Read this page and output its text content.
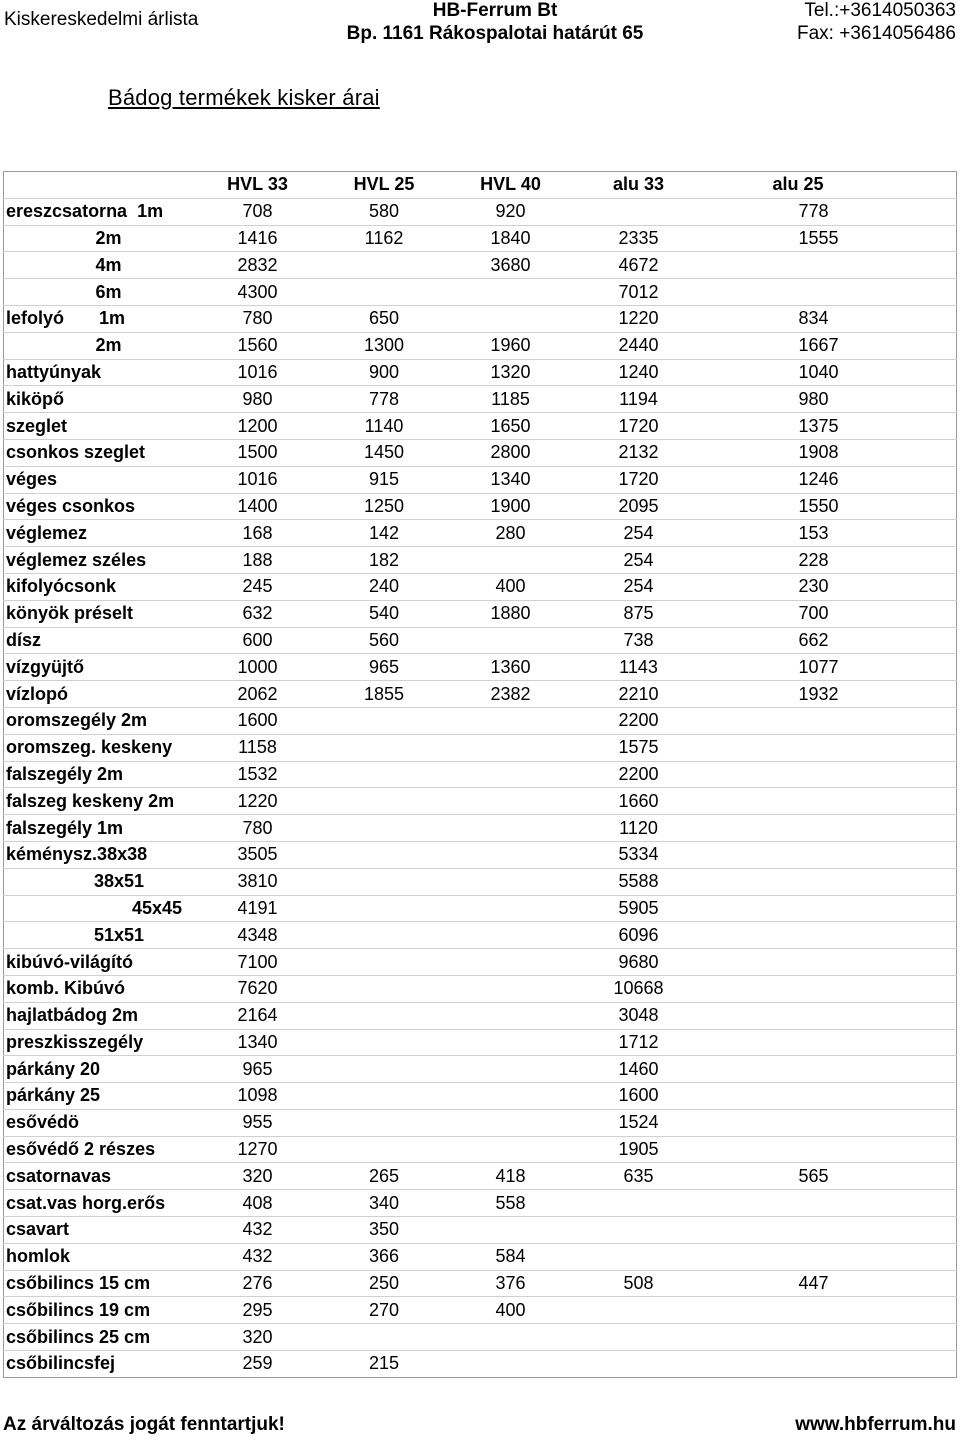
Kiskereskedelmi árlista	HB-Ferrum Bt
Bp. 1161 Rákospalotai határút 65
Tel.:+3614050363
Fax: +3614056486
Bádog termékek kisker árai
	HVL 33	HVL 25	HVL 40	alu 33	alu 25
ereszcsatorna  1m	708	580	920		778
2m	1416	1162	1840	2335	1555
4m	2832		3680	4672	
6m	4300			7012	
lefolyó       1m	780	650		1220	834
2m	1560	1300	1960	2440	1667
hattyúnyak	1016	900	1320	1240	1040
kiköpő	980	778	1185	1194	980
szeglet	1200	1140	1650	1720	1375
csonkos szeglet	1500	1450	2800	2132	1908
véges	1016	915	1340	1720	1246
véges csonkos	1400	1250	1900	2095	1550
véglemez	168	142	280	254	153
véglemez széles	188	182		254	228
kifolyócsonk	245	240	400	254	230
könyök préselt	632	540	1880	875	700
dísz	600	560		738	662
vízgyüjtő	1000	965	1360	1143	1077
vízlopó	2062	1855	2382	2210	1932
oromszegély 2m	1600			2200	
oromszeg. keskeny	1158			1575	
falszegély 2m	1532			2200	
falszeg keskeny 2m	1220			1660	
falszegély 1m	780			1120	
kéménysz.38x38	3505			5334	
38x51	3810			5588	
45x45	4191			5905	
51x51	4348			6096	
kibúvó-világító	7100			9680	
komb. Kibúvó	7620			10668	
hajlatbádog 2m	2164			3048	
preszkisszegély	1340			1712	
párkány 20	965			1460	
párkány 25	1098			1600	
esővédö	955			1524	
esővédő 2 részes	1270			1905	
csatornavas	320	265	418	635	565
csat.vas horg.erős	408	340	558		
csavart	432	350			
homlok	432	366	584		
csőbilincs 15 cm	276	250	376	508	447
csőbilincs 19 cm	295	270	400		
csőbilincs 25 cm	320				
csőbilincsfej	259	215			
Az árváltozás jogát fenntartjuk!	www.hbferrum.hu
